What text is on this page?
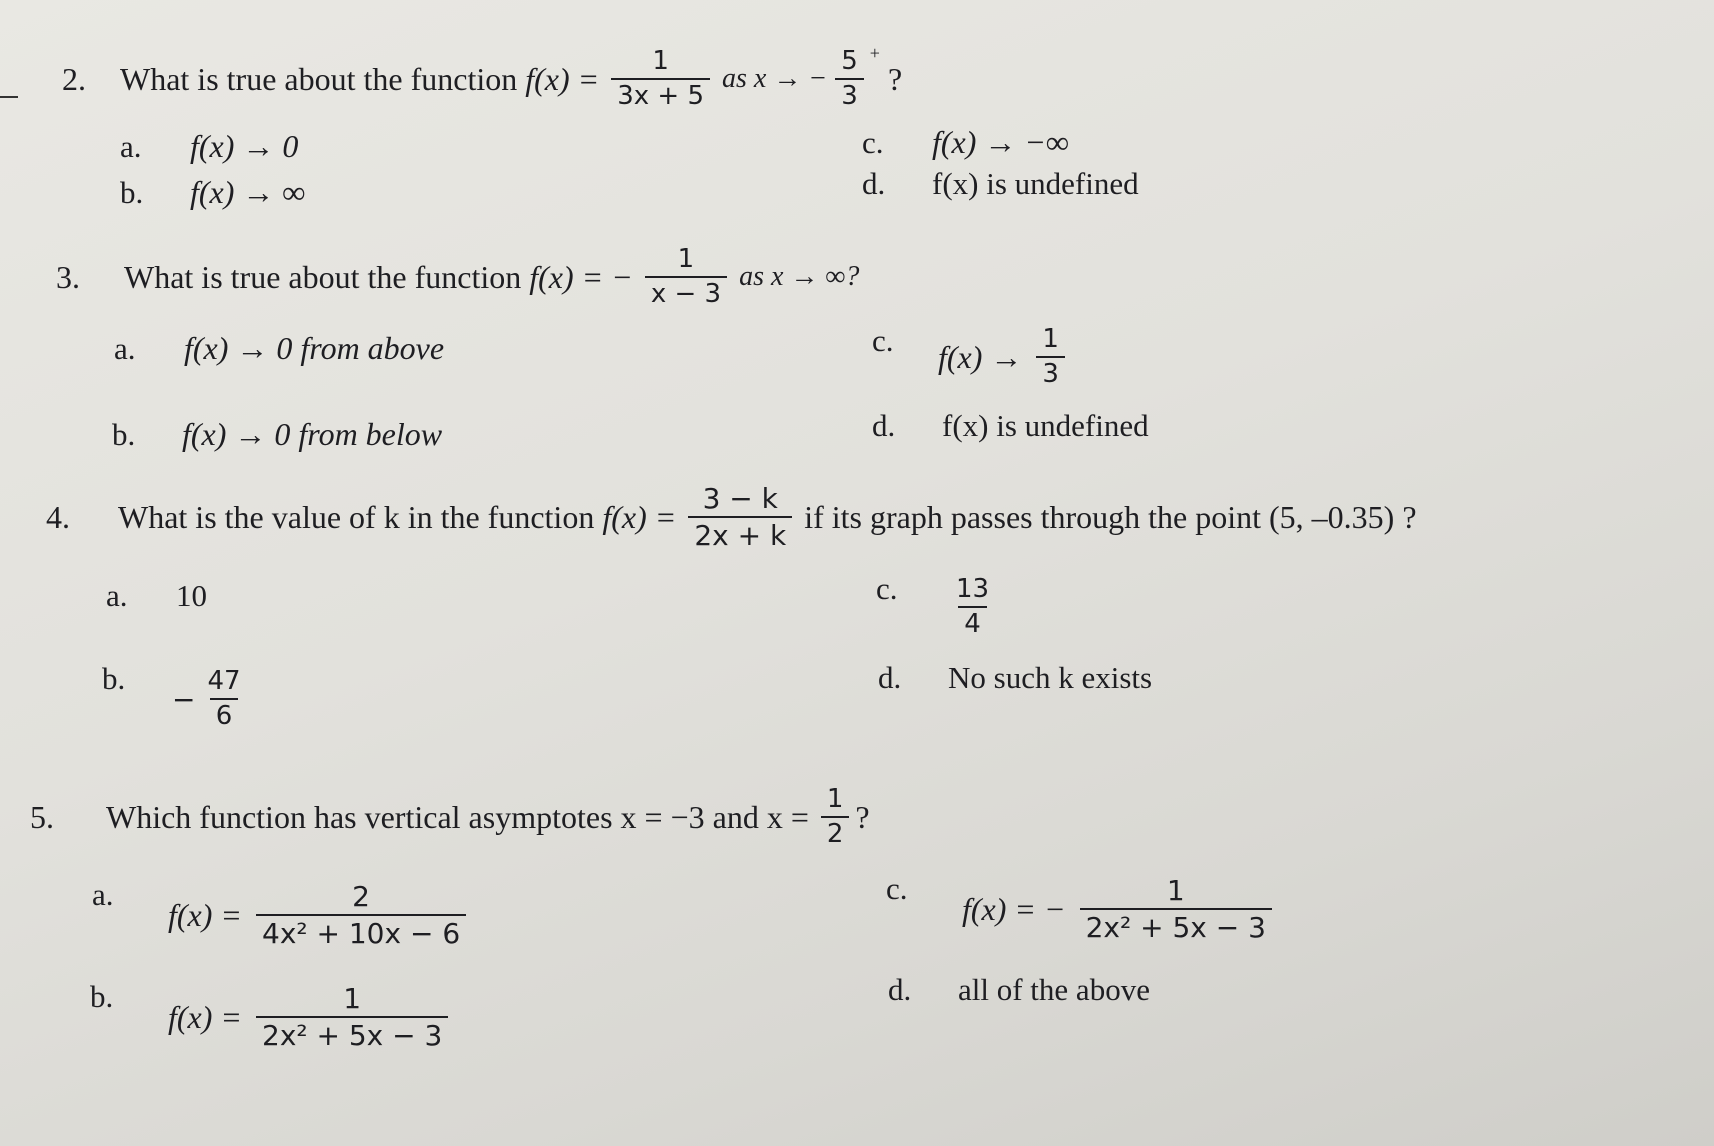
2.	What is true about the function $f(x) = \frac{1}{3x + 5}$ as x → − $\frac{5}{3} ^+$
?
a.	f(x) → 0
b.	f(x) → ∞
c.	f(x) → −∞
d.	f(x) is undefined
3.	What is true about the function f(x) = − $\frac{1}{x - 3}$ as x → ∞?
a.	f(x) → 0 from above
b.	f(x) → 0 from below
c.	$f(x) \to \frac{1}{3}$
d.	f(x) is undefined
4.	What is the value of k in the function $f(x) = \frac{3 - k}{2x + k}$ if its graph passes through the point (5, –0.35) ?
a.	10
b.
− $\frac{47}{6}$
c.	$\frac{13}{4}$
d.	No such k exists
5.	Which function has vertical asymptotes x = −3 and $x = \frac{1}{2}$ ?
a.
$f(x) = \frac{2}{\text{4x² + 10x − 6}}$
b.
$f(x) = \frac{1}{\text{2x² + 5x − 3}}$
c.
f(x) = − $\frac{1}{\text{2x² + 5x − 3}}$
d.	all of the above
